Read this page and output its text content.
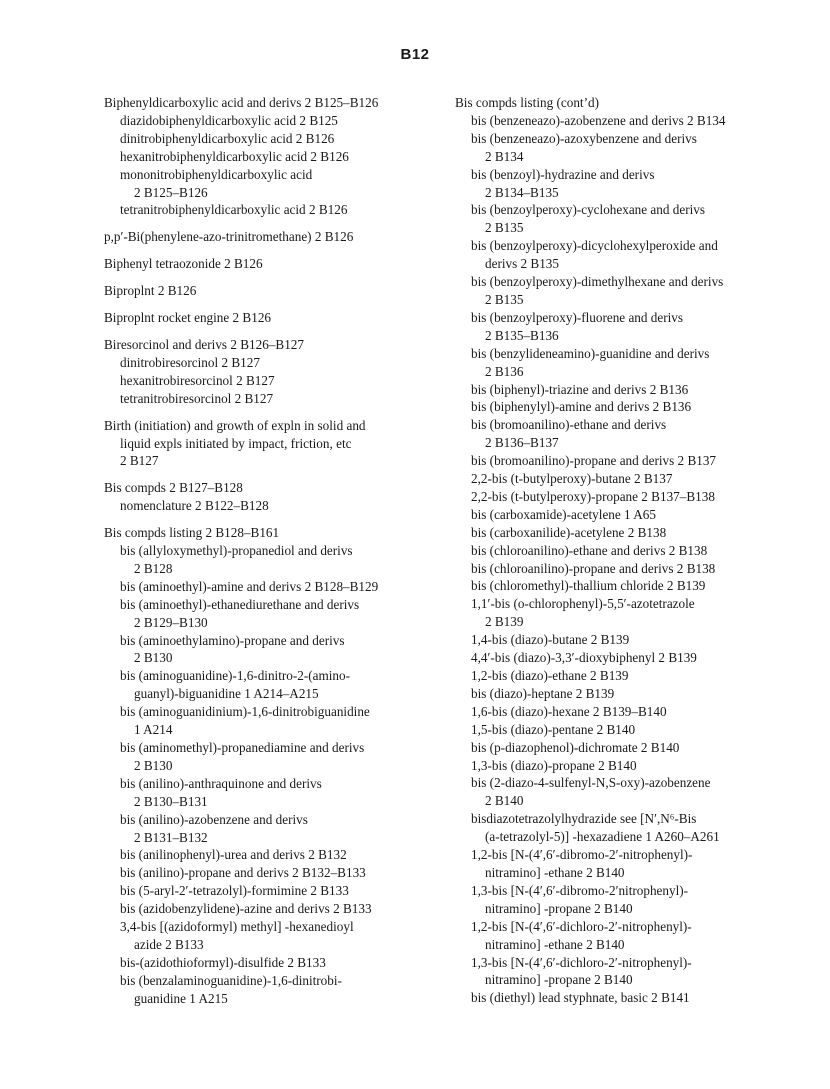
B12
Biphenyldicarboxylic acid and derivs 2 B125–B126
diazidobiphenyldicarboxylic acid 2 B125
dinitrobiphenyldicarboxylic acid 2 B126
hexanitrobiphenyldicarboxylic acid 2 B126
mononitrobiphenyldicarboxylic acid
2 B125–B126
tetranitrobiphenyldicarboxylic acid 2 B126
p,p′-Bi(phenylene-azo-trinitromethane) 2 B126
Biphenyl tetraozonide 2 B126
Biproplnt 2 B126
Biproplnt rocket engine 2 B126
Biresorcinol and derivs 2 B126–B127
dinitrobiresorcinol 2 B127
hexanitrobiresorcinol 2 B127
tetranitrobiresorcinol 2 B127
Birth (initiation) and growth of expln in solid and
liquid expls initiated by impact, friction, etc
2 B127
Bis compds 2 B127–B128
nomenclature 2 B122–B128
Bis compds listing 2 B128–B161
bis (allyloxymethyl)-propanediol and derivs
2 B128
bis (aminoethyl)-amine and derivs 2 B128–B129
bis (aminoethyl)-ethanediurethane and derivs
2 B129–B130
bis (aminoethylamino)-propane and derivs
2 B130
bis (aminoguanidine)-1,6-dinitro-2-(amino-
guanyl)-biguanidine 1 A214–A215
bis (aminoguanidinium)-1,6-dinitrobiguanidine
1 A214
bis (aminomethyl)-propanediamine and derivs
2 B130
bis (anilino)-anthraquinone and derivs
2 B130–B131
bis (anilino)-azobenzene and derivs
2 B131–B132
bis (anilinophenyl)-urea and derivs 2 B132
bis (anilino)-propane and derivs 2 B132–B133
bis (5-aryl-2′-tetrazolyl)-formimine 2 B133
bis (azidobenzylidene)-azine and derivs 2 B133
3,4-bis [(azidoformyl) methyl] -hexanedioyl
azide 2 B133
bis-(azidothioformyl)-disulfide 2 B133
bis (benzalaminoguanidine)-1,6-dinitrobi-
guanidine 1 A215
Bis compds listing (cont’d)
bis (benzeneazo)-azobenzene and derivs 2 B134
bis (benzeneazo)-azoxybenzene and derivs
2 B134
bis (benzoyl)-hydrazine and derivs
2 B134–B135
bis (benzoylperoxy)-cyclohexane and derivs
2 B135
bis (benzoylperoxy)-dicyclohexylperoxide and
derivs 2 B135
bis (benzoylperoxy)-dimethylhexane and derivs
2 B135
bis (benzoylperoxy)-fluorene and derivs
2 B135–B136
bis (benzylideneamino)-guanidine and derivs
2 B136
bis (biphenyl)-triazine and derivs 2 B136
bis (biphenylyl)-amine and derivs 2 B136
bis (bromoanilino)-ethane and derivs
2 B136–B137
bis (bromoanilino)-propane and derivs 2 B137
2,2-bis (t-butylperoxy)-butane 2 B137
2,2-bis (t-butylperoxy)-propane 2 B137–B138
bis (carboxamide)-acetylene 1 A65
bis (carboxanilide)-acetylene 2 B138
bis (chloroanilino)-ethane and derivs 2 B138
bis (chloroanilino)-propane and derivs 2 B138
bis (chloromethyl)-thallium chloride 2 B139
1,1′-bis (o-chlorophenyl)-5,5′-azotetrazole
2 B139
1,4-bis (diazo)-butane 2 B139
4,4′-bis (diazo)-3,3′-dioxybiphenyl 2 B139
1,2-bis (diazo)-ethane 2 B139
bis (diazo)-heptane 2 B139
1,6-bis (diazo)-hexane 2 B139–B140
1,5-bis (diazo)-pentane 2 B140
bis (p-diazophenol)-dichromate 2 B140
1,3-bis (diazo)-propane 2 B140
bis (2-diazo-4-sulfenyl-N,S-oxy)-azobenzene
2 B140
bisdiazotetrazolylhydrazide see [N′,N⁶-Bis
(a-tetrazolyl-5)] -hexazadiene 1 A260–A261
1,2-bis [N-(4′,6′-dibromo-2′-nitrophenyl)-
nitramino] -ethane 2 B140
1,3-bis [N-(4′,6′-dibromo-2′nitrophenyl)-
nitramino] -propane 2 B140
1,2-bis [N-(4′,6′-dichloro-2′-nitrophenyl)-
nitramino] -ethane 2 B140
1,3-bis [N-(4′,6′-dichloro-2′-nitrophenyl)-
nitramino] -propane 2 B140
bis (diethyl) lead styphnate, basic 2 B141
